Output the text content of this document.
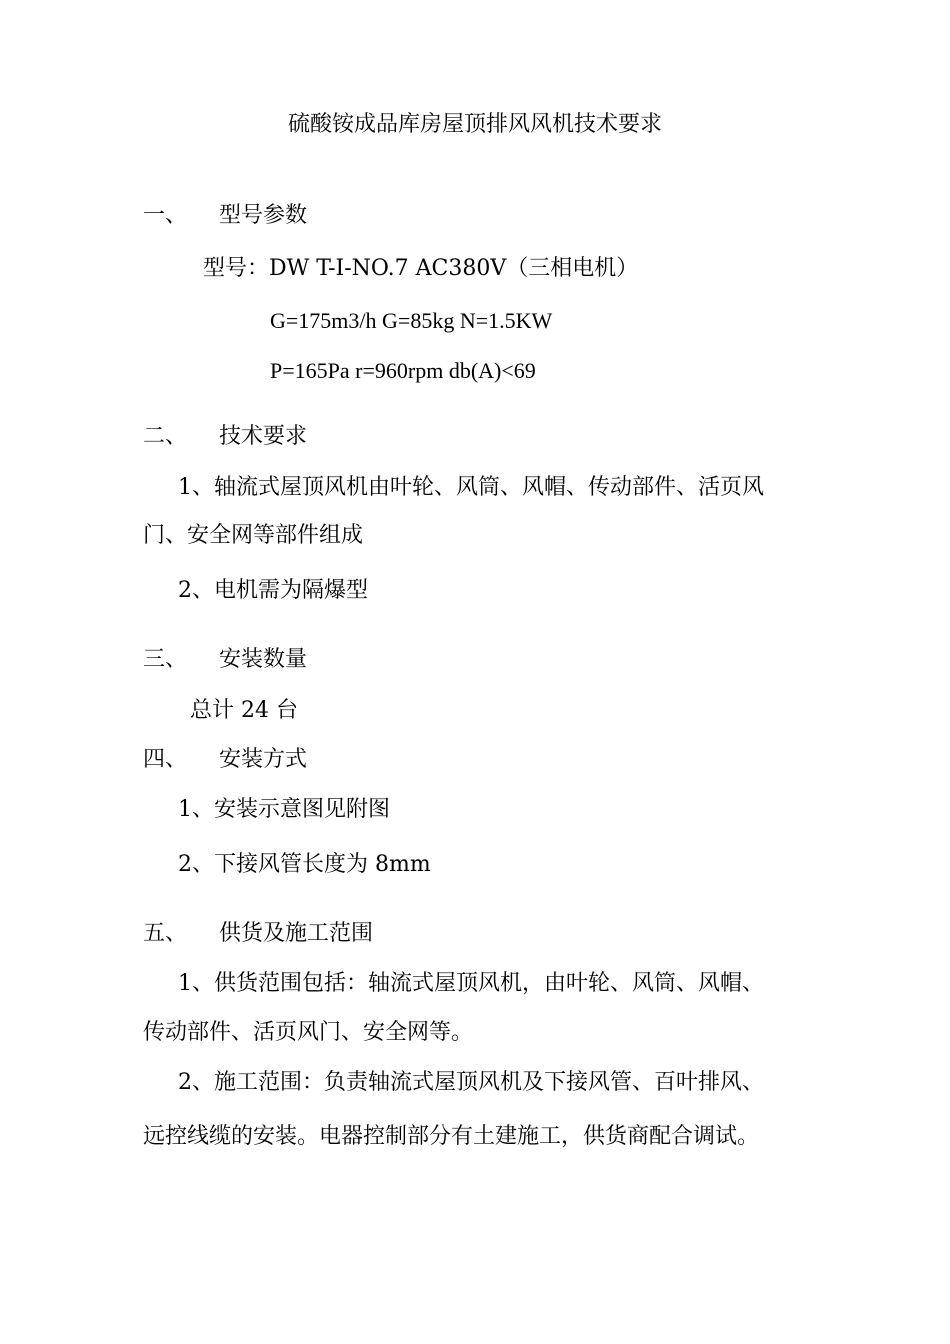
硫酸铵成品库房屋顶排风风机技术要求
一、 型号参数
型号：DW T-I-NO.7 AC380V（三相电机）
G=175m3/h G=85kg N=1.5KW
P=165Pa r=960rpm db(A)<69
二、 技术要求
1、轴流式屋顶风机由叶轮、风筒、风帽、传动部件、活页风
门、安全网等部件组成
2、电机需为隔爆型
三、 安装数量
总计 24 台
四、 安装方式
1、安装示意图见附图
2、下接风管长度为 8mm
五、 供货及施工范围
1、供货范围包括：轴流式屋顶风机，由叶轮、风筒、风帽、
传动部件、活页风门、安全网等。
2、施工范围：负责轴流式屋顶风机及下接风管、百叶排风、
远控线缆的安装。电器控制部分有土建施工，供货商配合调试。
